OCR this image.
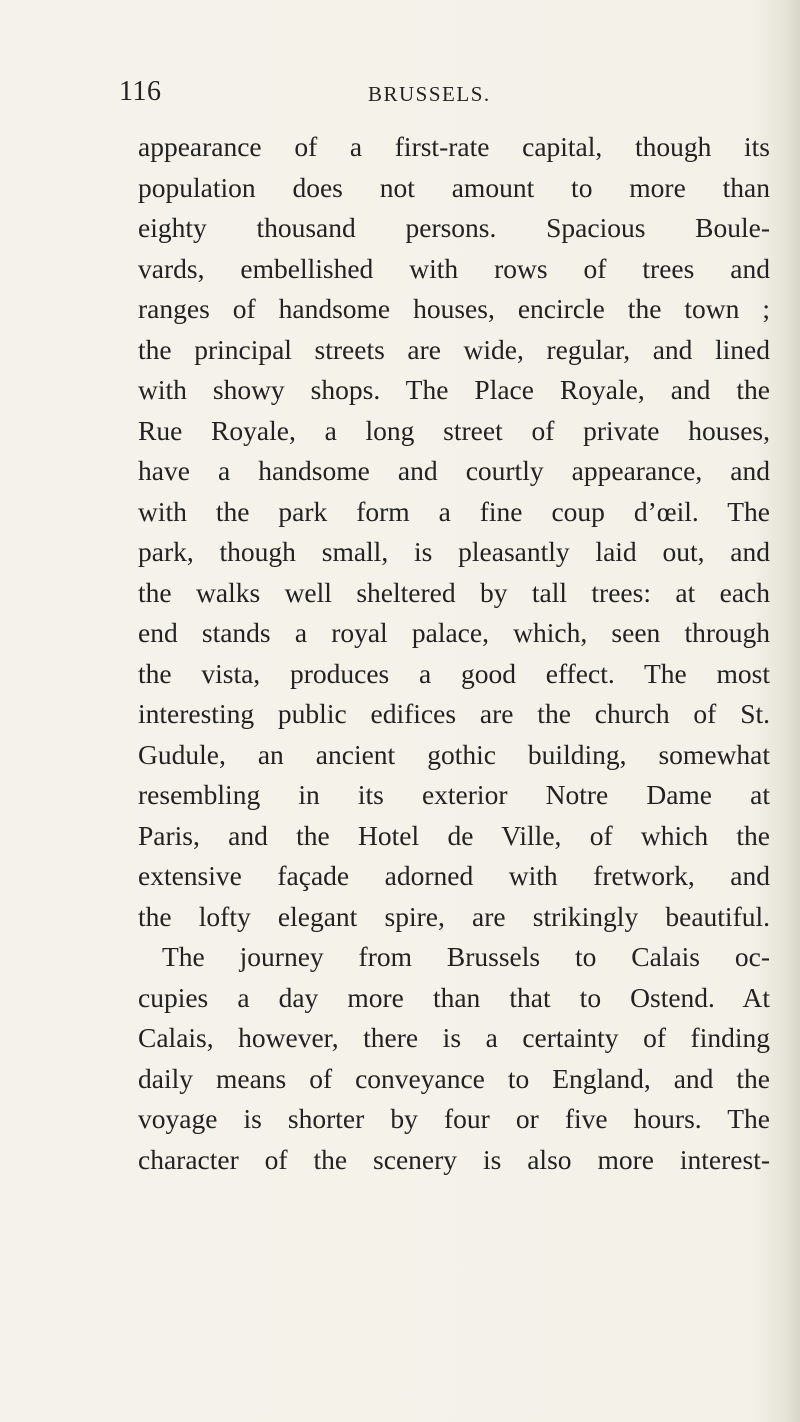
116	BRUSSELS.
appearance of a first-rate capital, though its
population does not amount to more than
eighty thousand persons. Spacious Boule-
vards, embellished with rows of trees and
ranges of handsome houses, encircle the town ;
the principal streets are wide, regular, and lined
with showy shops. The Place Royale, and the
Rue Royale, a long street of private houses,
have a handsome and courtly appearance, and
with the park form a fine coup d’œil. The
park, though small, is pleasantly laid out, and
the walks well sheltered by tall trees: at each
end stands a royal palace, which, seen through
the vista, produces a good effect. The most
interesting public edifices are the church of St.
Gudule, an ancient gothic building, somewhat
resembling in its exterior Notre Dame at
Paris, and the Hotel de Ville, of which the
extensive façade adorned with fretwork, and
the lofty elegant spire, are strikingly beautiful.
The journey from Brussels to Calais oc-
cupies a day more than that to Ostend. At
Calais, however, there is a certainty of finding
daily means of conveyance to England, and the
voyage is shorter by four or five hours. The
character of the scenery is also more interest-
